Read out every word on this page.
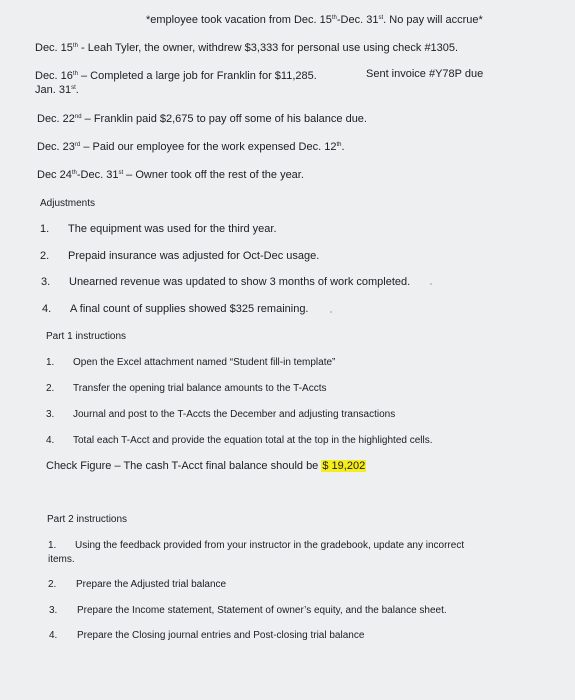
*employee took vacation from Dec. 15th-Dec. 31st. No pay will accrue*
Dec. 15th - Leah Tyler, the owner, withdrew $3,333 for personal use using check #1305.
Dec. 16th – Completed a large job for Franklin for $11,285.	Sent invoice #Y78P due
Jan. 31st.
Dec. 22nd – Franklin paid $2,675 to pay off some of his balance due.
Dec. 23rd – Paid our employee for the work expensed Dec. 12th.
Dec 24th-Dec. 31st – Owner took off the rest of the year.
Adjustments
1. The equipment was used for the third year.
2. Prepaid insurance was adjusted for Oct-Dec usage.
3. Unearned revenue was updated to show 3 months of work completed.
4. A final count of supplies showed $325 remaining.
Part 1 instructions
1. Open the Excel attachment named “Student fill-in template”
2. Transfer the opening trial balance amounts to the T-Accts
3. Journal and post to the T-Accts the December and adjusting transactions
4. Total each T-Acct and provide the equation total at the top in the highlighted cells.
Check Figure – The cash T-Acct final balance should be $ 19,202
Part 2 instructions
1. Using the feedback provided from your instructor in the gradebook, update any incorrect
items.
2. Prepare the Adjusted trial balance
3. Prepare the Income statement, Statement of owner’s equity, and the balance sheet.
4. Prepare the Closing journal entries and Post-closing trial balance
